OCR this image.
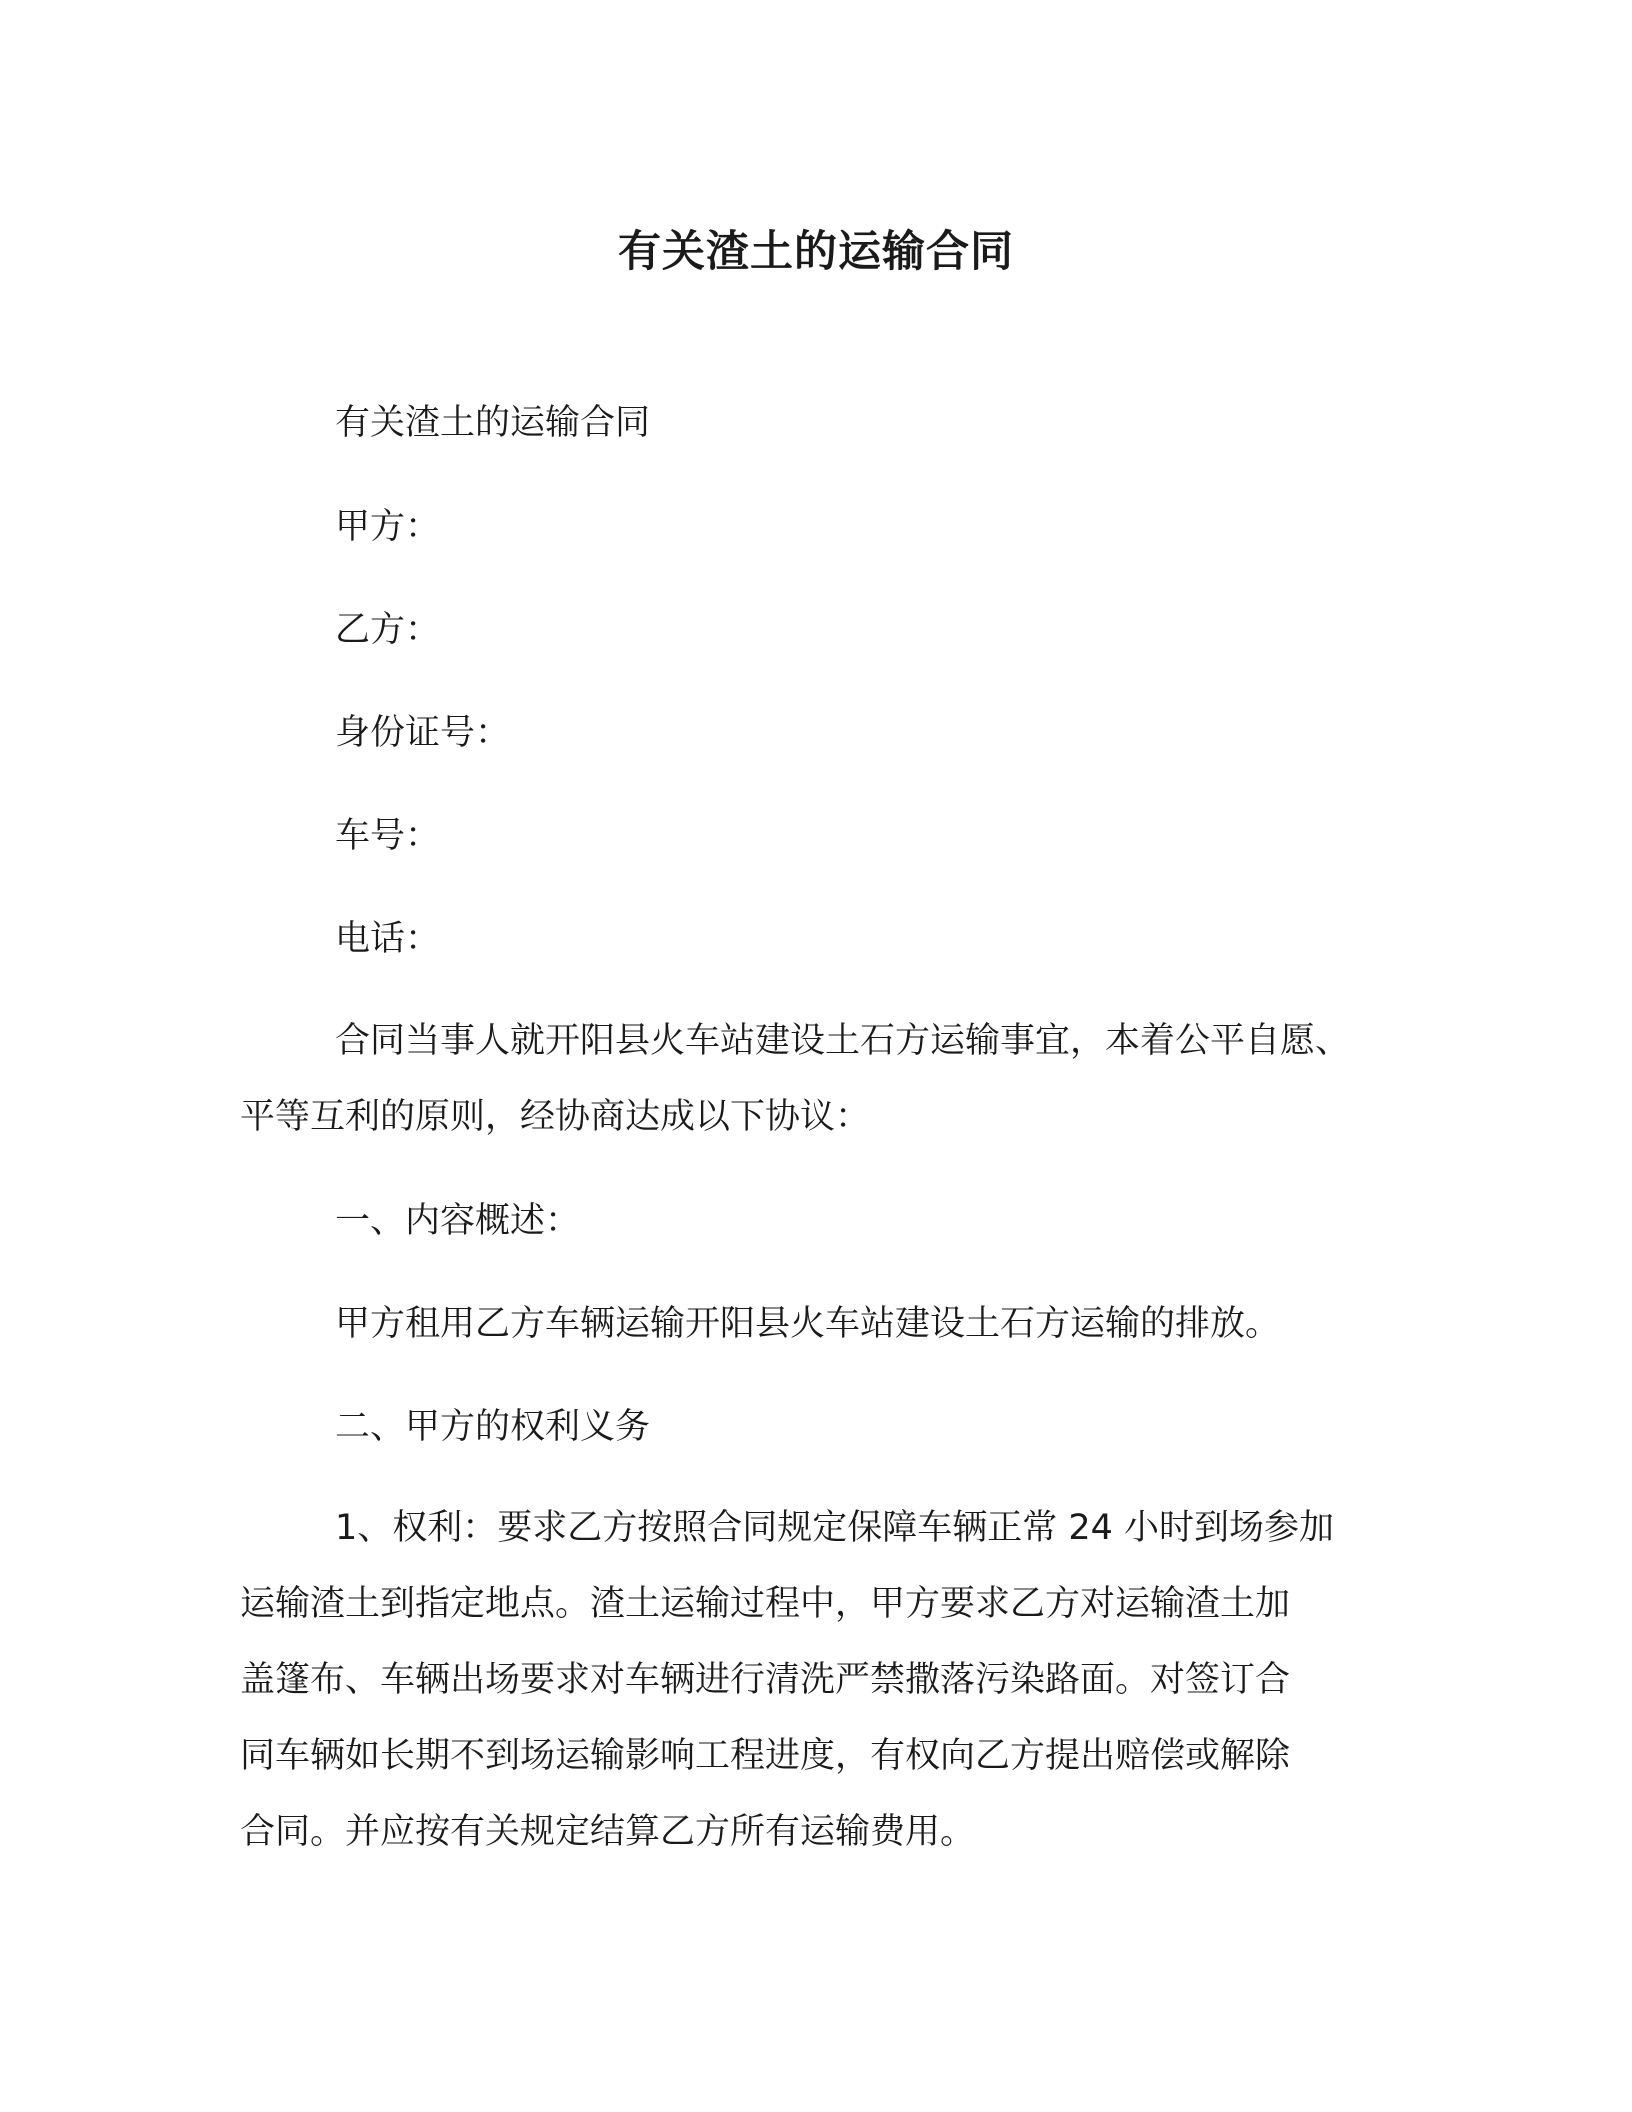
有关渣土的运输合同

有关渣土的运输合同

甲方：

乙方：

身份证号：

车号：

电话：

合同当事人就开阳县火车站建设土石方运输事宜，本着公平自愿、
平等互利的原则，经协商达成以下协议：

一、内容概述：

甲方租用乙方车辆运输开阳县火车站建设土石方运输的排放。

二、甲方的权利义务

1、权利：要求乙方按照合同规定保障车辆正常 24 小时到场参加
运输渣土到指定地点。渣土运输过程中，甲方要求乙方对运输渣土加
盖篷布、车辆出场要求对车辆进行清洗严禁撒落污染路面。对签订合
同车辆如长期不到场运输影响工程进度，有权向乙方提出赔偿或解除
合同。并应按有关规定结算乙方所有运输费用。
